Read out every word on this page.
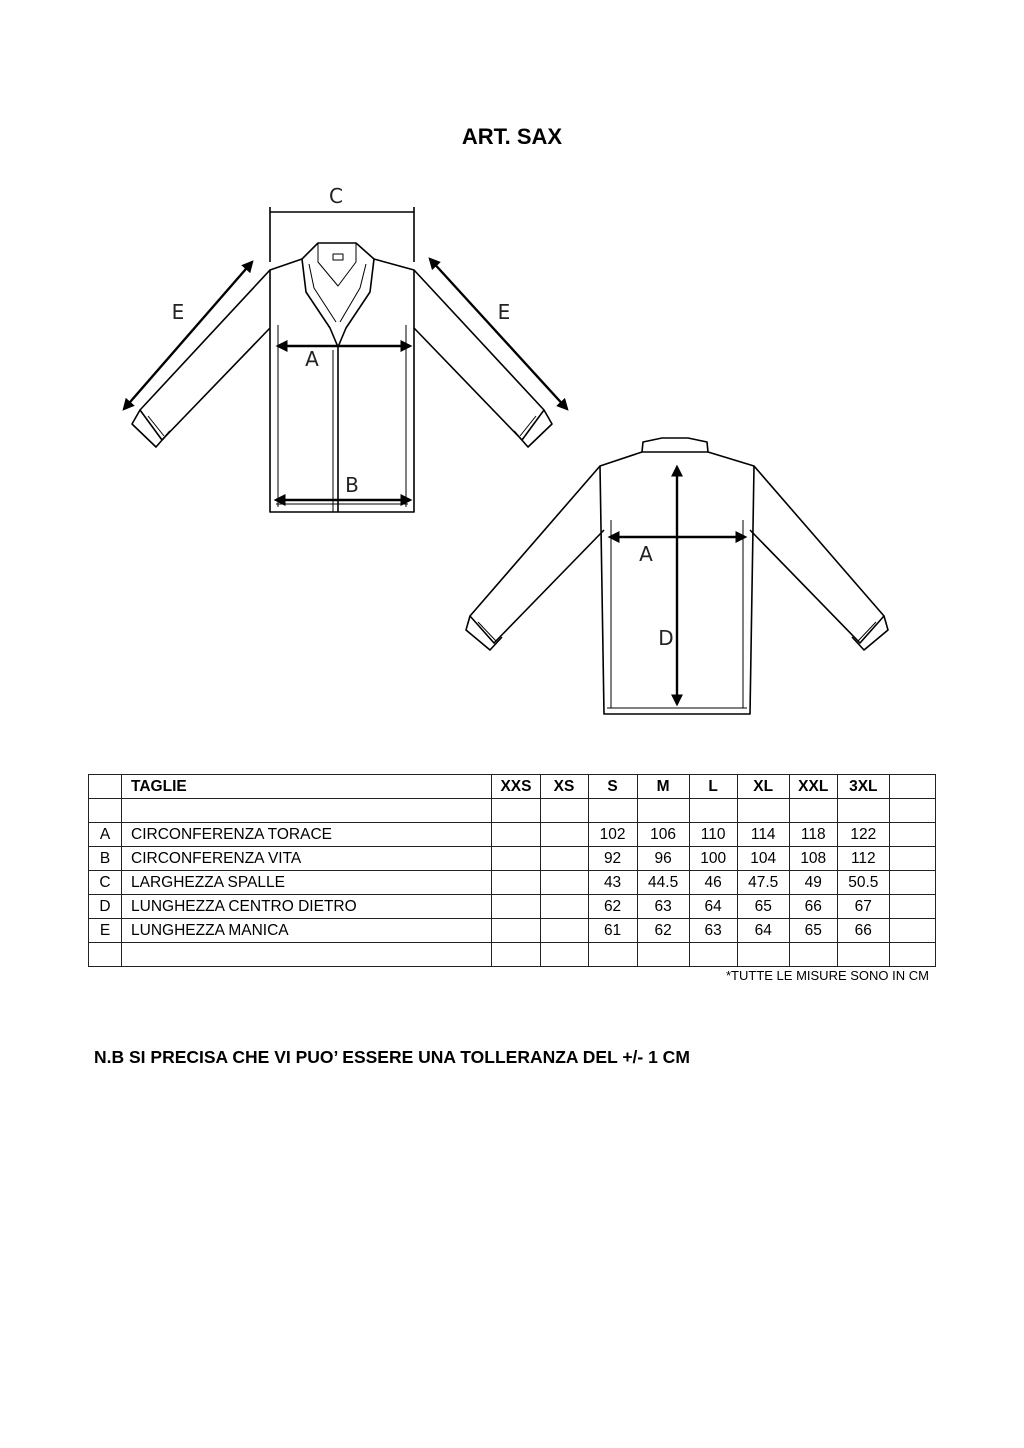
ART. SAX
C
E	E
A
B
A
D
	TAGLIE	XXS	XS	S	M	L	XL	XXL	3XL	

A	CIRCONFERENZA TORACE			102	106	110	114	118	122	
B	CIRCONFERENZA VITA			92	96	100	104	108	112	
C	LARGHEZZA SPALLE			43	44.5	46	47.5	49	50.5	
D	LUNGHEZZA CENTRO DIETRO			62	63	64	65	66	67	
E	LUNGHEZZA MANICA			61	62	63	64	65	66	

*TUTTE LE MISURE SONO IN CM
N.B SI PRECISA CHE VI PUO’ ESSERE UNA TOLLERANZA DEL +/- 1 CM
